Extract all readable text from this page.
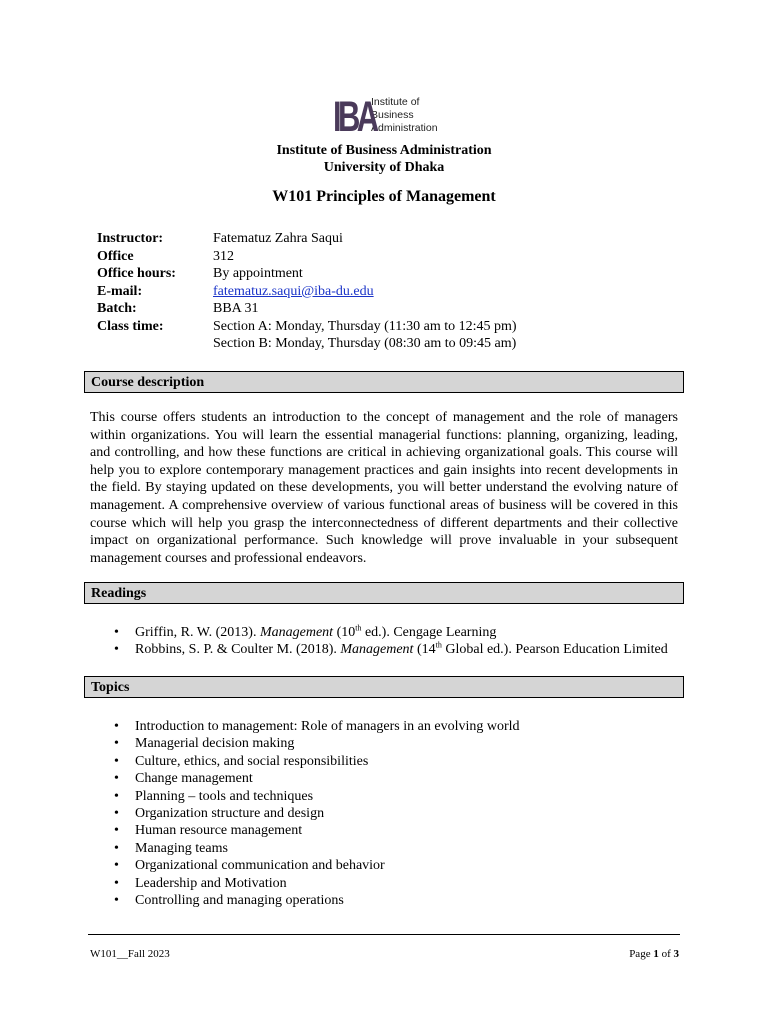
IBA
Institute of
Business
Administration
Institute of Business Administration
University of Dhaka
W101 Principles of Management
Instructor:	Fatematuz Zahra Saqui
Office	312
Office hours:	By appointment
E-mail:	fatematuz.saqui@iba-du.edu
Batch:	BBA 31
Class time:	Section A: Monday, Thursday (11:30 am to 12:45 pm)
Section B: Monday, Thursday (08:30 am to 09:45 am)
Course description

This course offers students an introduction to the concept of management and the role of managers within organizations. You will learn the essential managerial functions: planning, organizing, leading, and controlling, and how these functions are critical in achieving organizational goals. This course will help you to explore contemporary management practices and gain insights into recent developments in the field. By staying updated on these developments, you will better understand the evolving nature of management. A comprehensive overview of various functional areas of business will be covered in this course which will help you grasp the interconnectedness of different departments and their collective impact on organizational performance. Such knowledge will prove invaluable in your subsequent management courses and professional endeavors.

Readings
• Griffin, R. W. (2013). Management (10th ed.). Cengage Learning
• Robbins, S. P. & Coulter M. (2018). Management (14th Global ed.). Pearson Education Limited
Topics
• Introduction to management: Role of managers in an evolving world
• Managerial decision making
• Culture, ethics, and social responsibilities
• Change management
• Planning – tools and techniques
• Organization structure and design
• Human resource management
• Managing teams
• Organizational communication and behavior
• Leadership and Motivation
• Controlling and managing operations
W101__Fall 2023	Page 1 of 3
